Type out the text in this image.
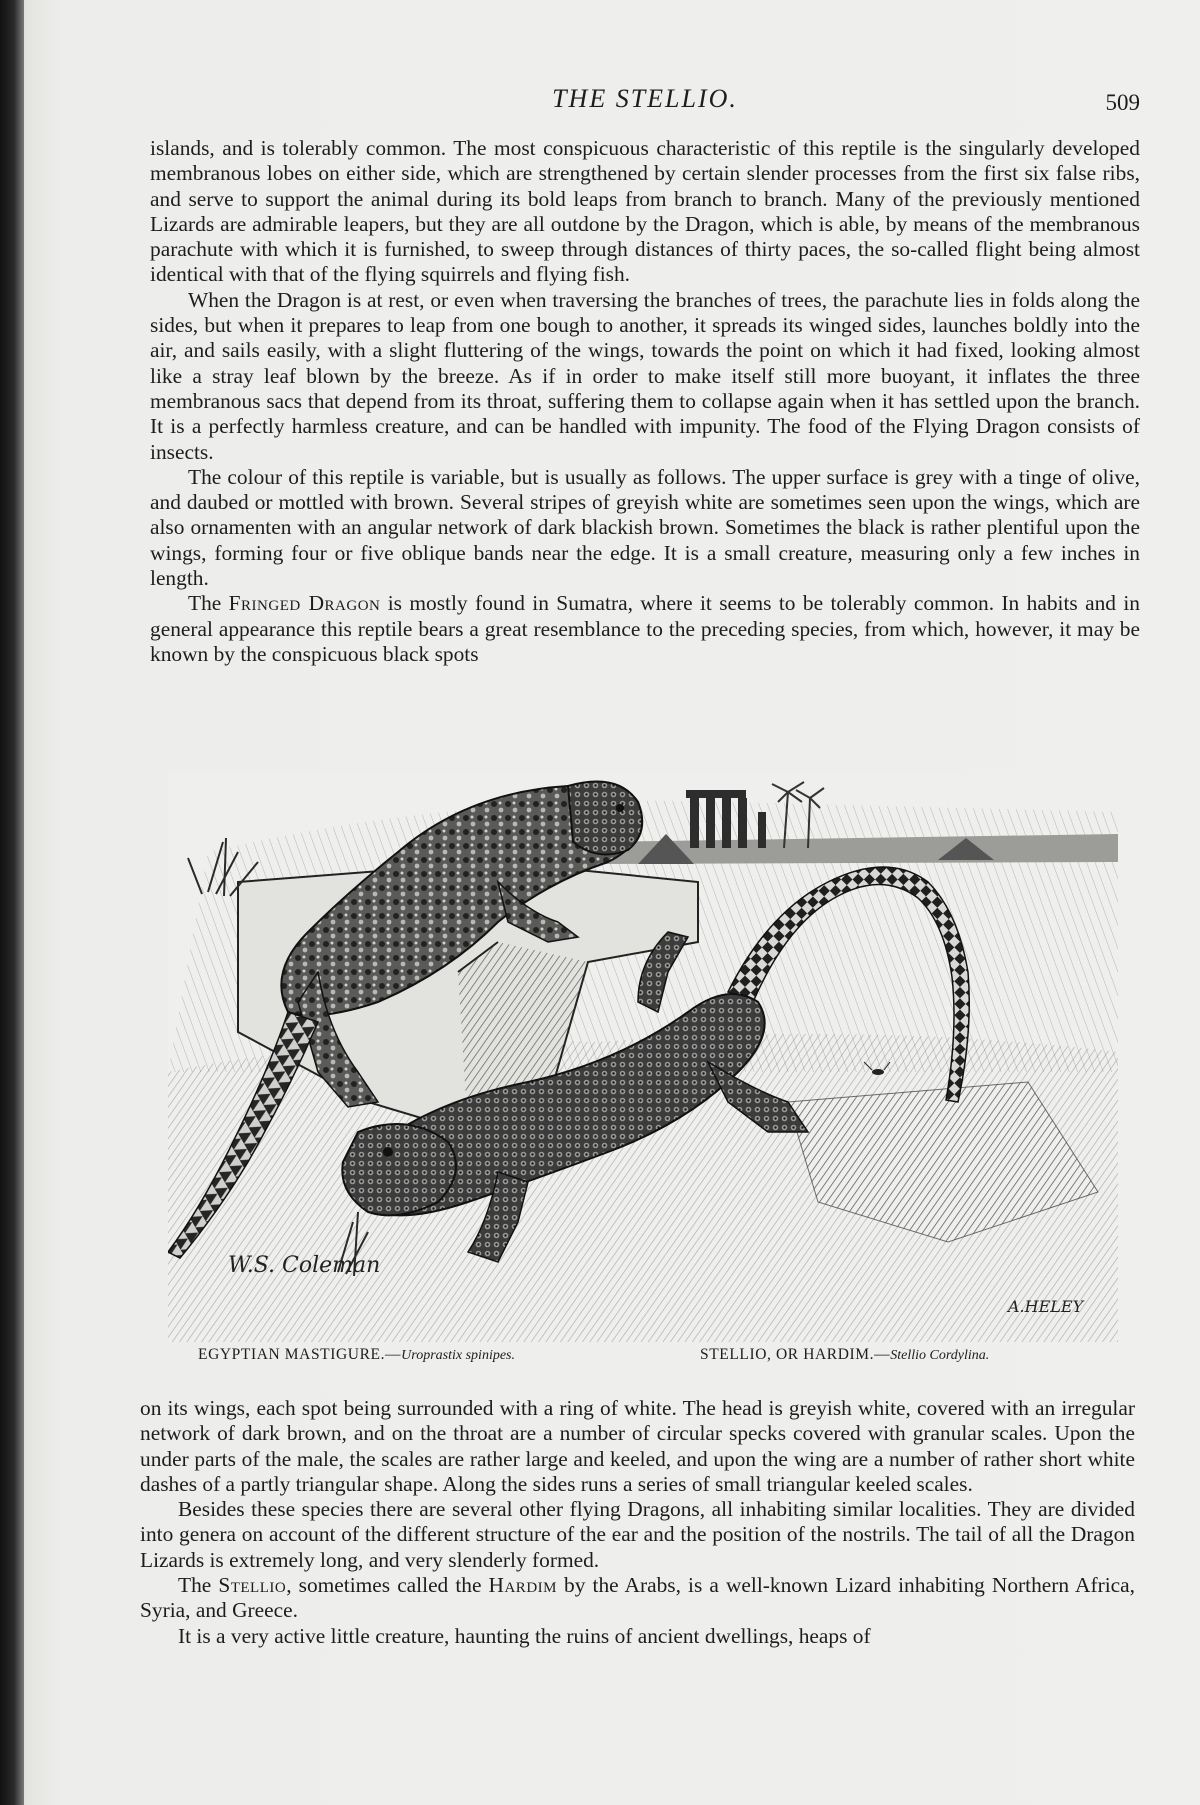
THE STELLIO.	509

islands, and is tolerably common. The most conspicuous characteristic of this reptile is the singularly developed membranous lobes on either side, which are strengthened by certain slender processes from the first six false ribs, and serve to support the animal during its bold leaps from branch to branch. Many of the previously mentioned Lizards are admirable leapers, but they are all outdone by the Dragon, which is able, by means of the membranous parachute with which it is furnished, to sweep through distances of thirty paces, the so-called flight being almost identical with that of the flying squirrels and flying fish.

When the Dragon is at rest, or even when traversing the branches of trees, the parachute lies in folds along the sides, but when it prepares to leap from one bough to another, it spreads its winged sides, launches boldly into the air, and sails easily, with a slight fluttering of the wings, towards the point on which it had fixed, looking almost like a stray leaf blown by the breeze. As if in order to make itself still more buoyant, it inflates the three membranous sacs that depend from its throat, suffering them to collapse again when it has settled upon the branch. It is a perfectly harmless creature, and can be handled with impunity. The food of the Flying Dragon consists of insects.

The colour of this reptile is variable, but is usually as follows. The upper surface is grey with a tinge of olive, and daubed or mottled with brown. Several stripes of greyish white are sometimes seen upon the wings, which are also ornamenten with an angular network of dark blackish brown. Sometimes the black is rather plentiful upon the wings, forming four or five oblique bands near the edge. It is a small creature, measuring only a few inches in length.

The Fringed Dragon is mostly found in Sumatra, where it seems to be tolerably common. In habits and in general appearance this reptile bears a great resemblance to the preceding species, from which, however, it may be known by the conspicuous black spots

W.S. Coleman
A.HELEY
EGYPTIAN MASTIGURE.—Uroprastix spinipes.	STELLIO, OR HARDIM.—Stellio Cordylina.

on its wings, each spot being surrounded with a ring of white. The head is greyish white, covered with an irregular network of dark brown, and on the throat are a number of circular specks covered with granular scales. Upon the under parts of the male, the scales are rather large and keeled, and upon the wing are a number of rather short white dashes of a partly triangular shape. Along the sides runs a series of small triangular keeled scales.

Besides these species there are several other flying Dragons, all inhabiting similar localities. They are divided into genera on account of the different structure of the ear and the position of the nostrils. The tail of all the Dragon Lizards is extremely long, and very slenderly formed.

The Stellio, sometimes called the Hardim by the Arabs, is a well-known Lizard inhabiting Northern Africa, Syria, and Greece.

It is a very active little creature, haunting the ruins of ancient dwellings, heaps of
